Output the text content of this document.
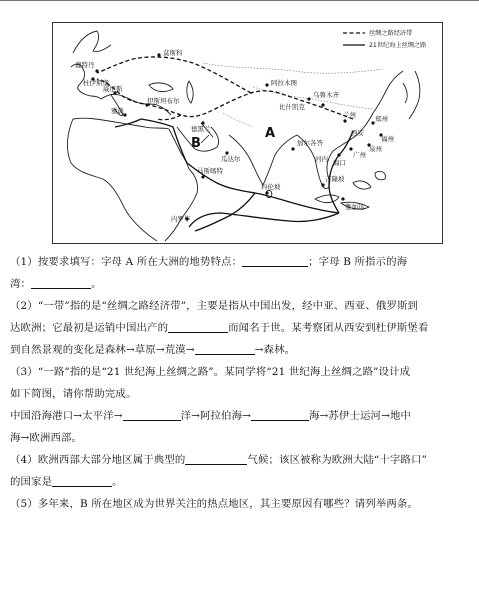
丝绸之路经济带
21世纪海上丝绸之路
A
B
莫斯科
鹿特丹
杜伊斯堡
威尼斯
伊斯坦布尔
雅典
德黑兰
阿拉木图
乌鲁木齐
比什凯克
兰州
西安
郑州
福州
泉州
广州
海口
河内
加尔各答
瓜达尔
马斯喀特
科伦坡
吉隆坡
雅加达
内罗毕
（1）按要求填写：字母 A 所在大洲的地势特点：	；字母 B 所指示的海
湾：	。
（2）“一带”指的是“丝绸之路经济带”，主要是指从中国出发，经中亚、西亚、俄罗斯到
达欧洲；它最初是运销中国出产的	而闻名于世。某考察团从西安到杜伊斯堡看
到自然景观的变化是森林→草原→荒漠→	→森林。
（3）“一路”指的是“21 世纪海上丝绸之路”。某同学将“21 世纪海上丝绸之路”设计成
如下简图，请你帮助完成。
中国沿海港口→太平洋→	洋→阿拉伯海→	海→苏伊士运河→地中
海→欧洲西部。
（4）欧洲西部大部分地区属于典型的	气候；该区被称为欧洲大陆“十字路口”
的国家是	。
（5）多年来，B 所在地区成为世界关注的热点地区，其主要原因有哪些？请列举两条。
